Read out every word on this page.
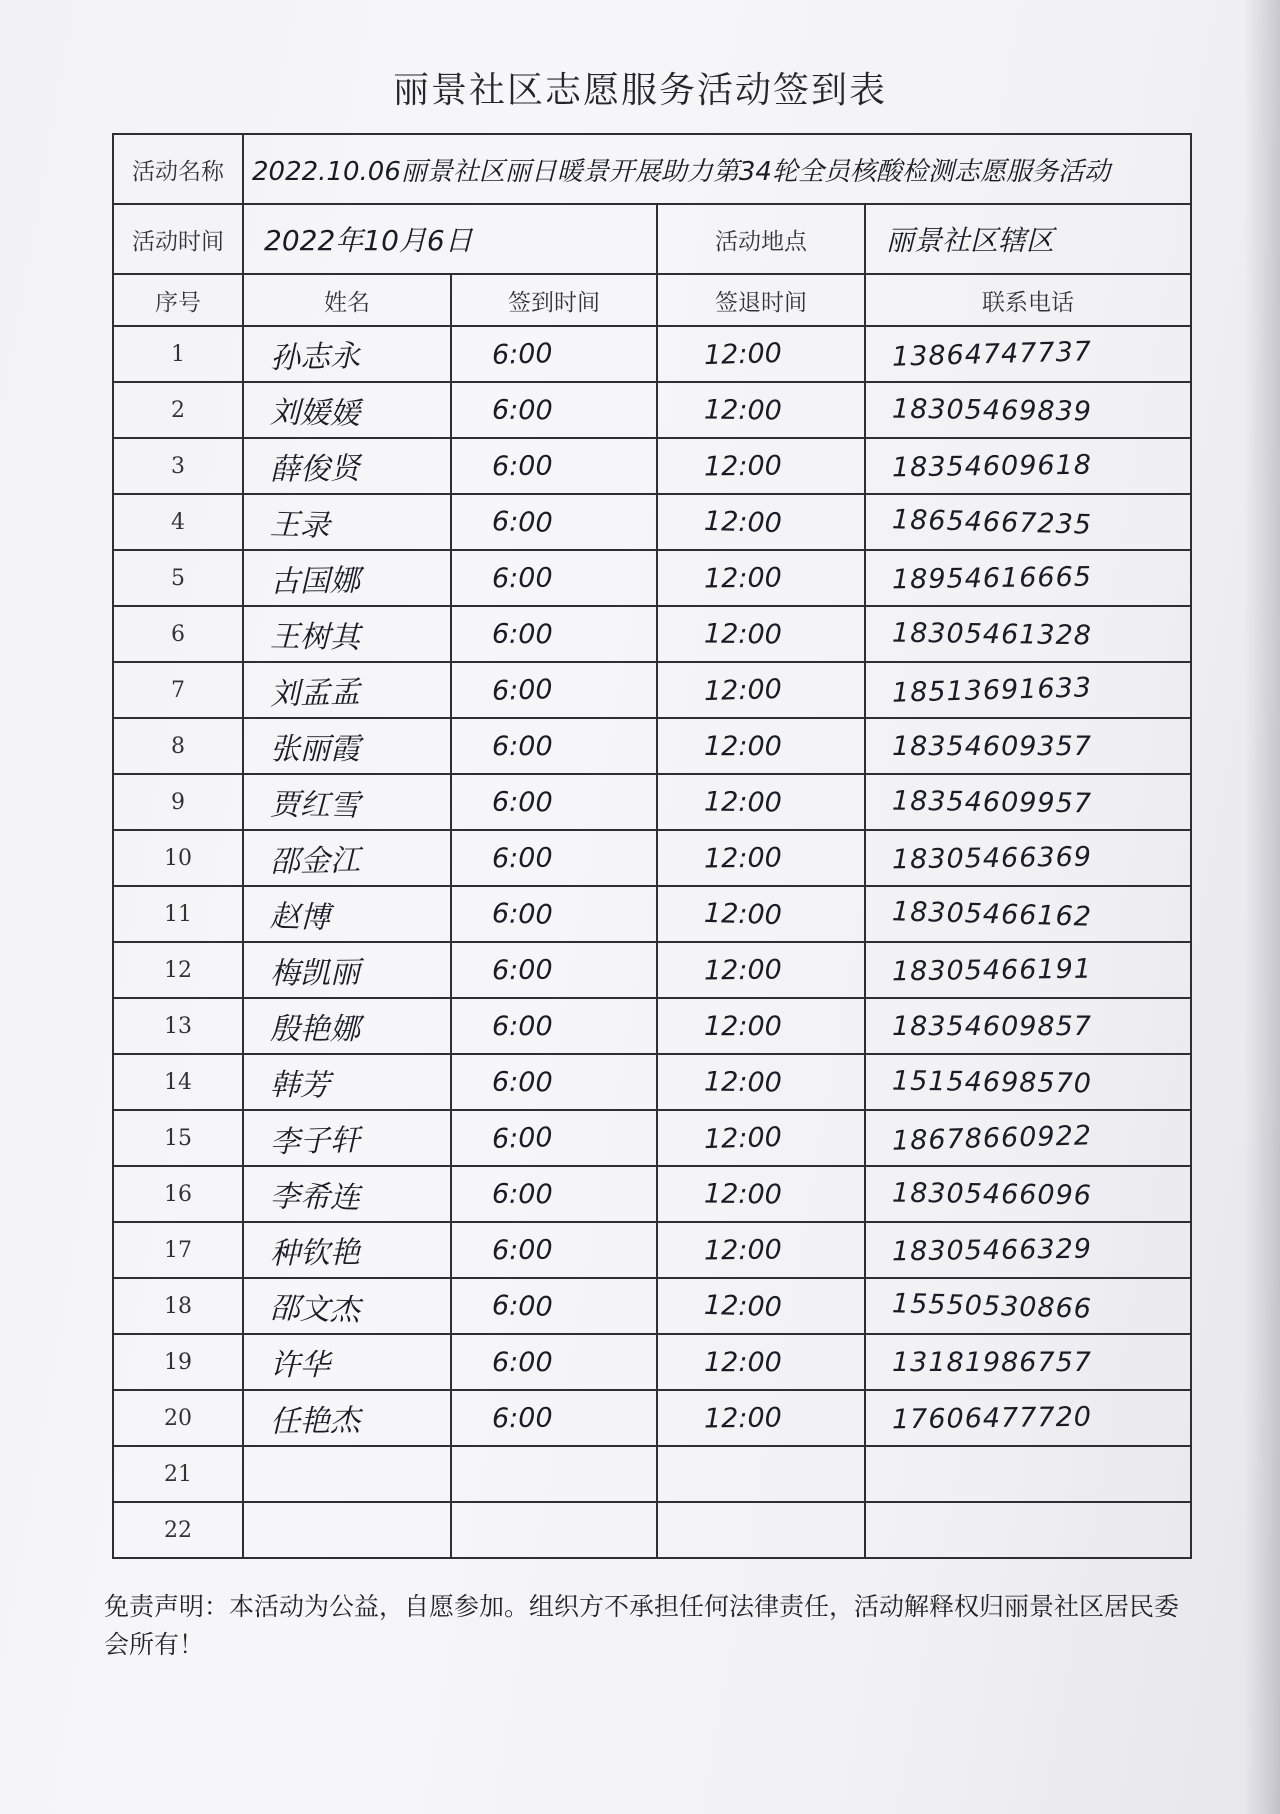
丽景社区志愿服务活动签到表
活动名称	2022.10.06丽景社区丽日暖景开展助力第34轮全员核酸检测志愿服务活动			
活动时间	2022年10月6日		活动地点	丽景社区辖区
序号	姓名	签到时间	签退时间	联系电话
1	孙志永	6:00	12:00	13864747737
2	刘媛媛	6:00	12:00	18305469839
3	薛俊贤	6:00	12:00	18354609618
4	王录	6:00	12:00	18654667235
5	古国娜	6:00	12:00	18954616665
6	王树其	6:00	12:00	18305461328
7	刘孟孟	6:00	12:00	18513691633
8	张丽霞	6:00	12:00	18354609357
9	贾红雪	6:00	12:00	18354609957
10	邵金江	6:00	12:00	18305466369
11	赵博	6:00	12:00	18305466162
12	梅凯丽	6:00	12:00	18305466191
13	殷艳娜	6:00	12:00	18354609857
14	韩芳	6:00	12:00	15154698570
15	李子轩	6:00	12:00	18678660922
16	李希连	6:00	12:00	18305466096
17	种钦艳	6:00	12:00	18305466329
18	邵文杰	6:00	12:00	15550530866
19	许华	6:00	12:00	13181986757
20	任艳杰	6:00	12:00	17606477720
21				
22				
免责声明：本活动为公益，自愿参加。组织方不承担任何法律责任，活动解释权归丽景社区居民委会所有！
